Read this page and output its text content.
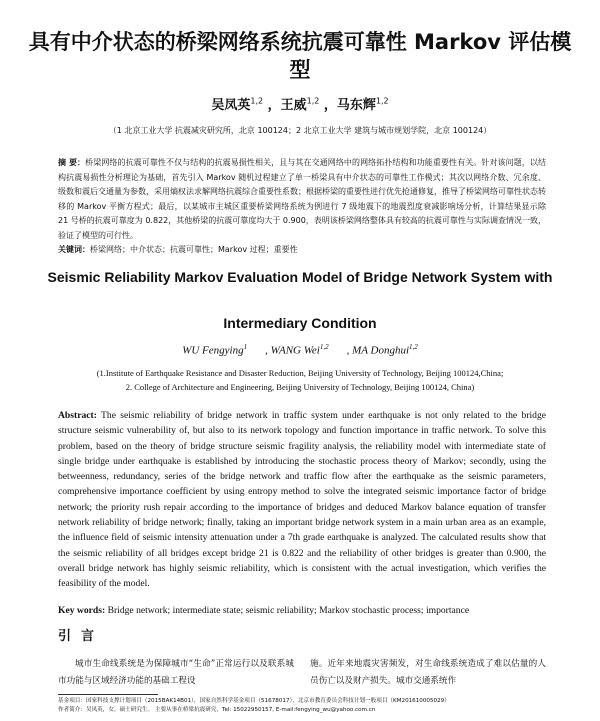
具有中介状态的桥梁网络系统抗震可靠性 Markov 评估模型
吴凤英$^{1,2}$ ，王威$^{1,2}$ ，马东辉$^{1,2}$
（1 北京工业大学 抗震减灾研究所，北京 100124；2 北京工业大学 建筑与城市规划学院，北京 100124）
摘 要：桥梁网络的抗震可靠性不仅与结构的抗震易损性相关，且与其在交通网络中的网络拓扑结构和功能重要性有关。针对该问题，以结构抗震易损性分析理论为基础，首先引入 Markov 随机过程建立了单一桥梁具有中介状态的可靠性工作模式；其次以网络介数、冗余度、级数和震后交通量为参数，采用熵权法求解网络抗震综合重要性系数；根据桥梁的重要性进行优先抢通修复，推导了桥梁网络可靠性状态转移的 Markov 平衡方程式；最后，以某城市主城区重要桥梁网络系统为例进行 7 级地震下的地震烈度衰减影响场分析，计算结果显示除 21 号桥的抗震可靠度为 0.822，其他桥梁的抗震可靠度均大于 0.900，表明该桥梁网络整体具有较高的抗震可靠性与实际调查情况一致，验证了模型的可行性。
关键词：桥梁网络；中介状态；抗震可靠性；Markov 过程；重要性
Seismic Reliability Markov Evaluation Model of Bridge Network System with Intermediary Condition
WU Fengying$^1$ , WANG Wei$^{1,2}$ , MA Donghui$^{1,2}$
(1.Institute of Earthquake Resistance and Disaster Reduction, Beijing University of Technology, Beijing 100124,China;
2. College of Architecture and Engineering, Beijing University of Technology, Beijing 100124, China)
Abstract: The seismic reliability of bridge network in traffic system under earthquake is not only related to the bridge structure seismic vulnerability of, but also to its network topology and function importance in traffic network. To solve this problem, based on the theory of bridge structure seismic fragility analysis, the reliability model with intermediate state of single bridge under earthquake is established by introducing the stochastic process theory of Markov; secondly, using the betweenness, redundancy, series of the bridge network and traffic flow after the earthquake as the seismic parameters, comprehensive importance coefficient by using entropy method to solve the integrated seismic importance factor of bridge network; the priority rush repair according to the importance of bridges and deduced Markov balance equation of transfer network reliability of bridge network; finally, taking an important bridge network system in a main urban area as an example, the influence field of seismic intensity attenuation under a 7th grade earthquake is analyzed. The calculated results show that the seismic reliability of all bridges except bridge 21 is 0.822 and the reliability of other bridges is greater than 0.900, the overall bridge network has highly seismic reliability, which is consistent with the actual investigation, which verifies the feasibility of the model.
Key words: Bridge network; intermediate state; seismic reliability; Markov stochastic process; importance
引言
城市生命线系统是为保障城市“生命”正常运行以及联系城市功能与区域经济功能的基础工程设
施。近年来地震灾害频发，对生命线系统造成了难以估量的人员伤亡以及财产损失。城市交通系统作
基金项目：国家科技支撑计划项目（2015BAK14B01），国家自然科学基金项目（51678017），北京市教育委员会科技计划一般项目（KM201610005029）
作者简介：吴凤英，女，硕士研究生。 主要从事在桥梁抗震研究，Tel: 15022950157, E-mail:fengying_wu@yahoo.com.cn
